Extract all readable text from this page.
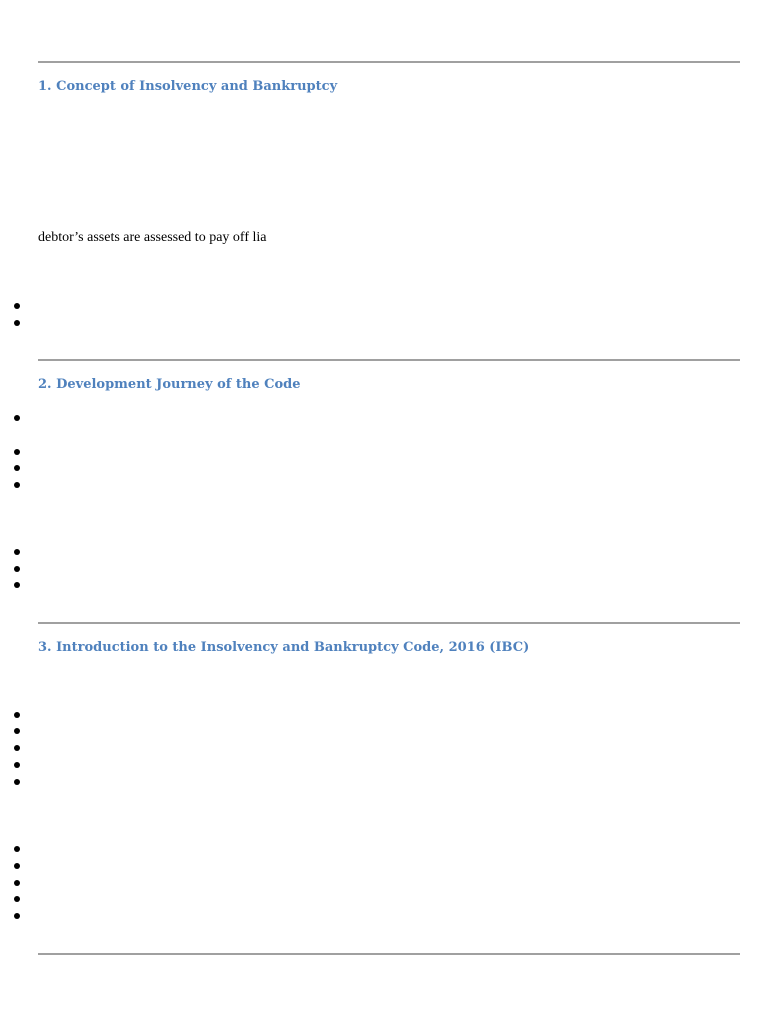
1. Concept of Insolvency and Bankruptcy

debtor’s assets are assessed to pay off lia

2. Development Journey of the Code
3. Introduction to the Insolvency and Bankruptcy Code, 2016 (IBC)
